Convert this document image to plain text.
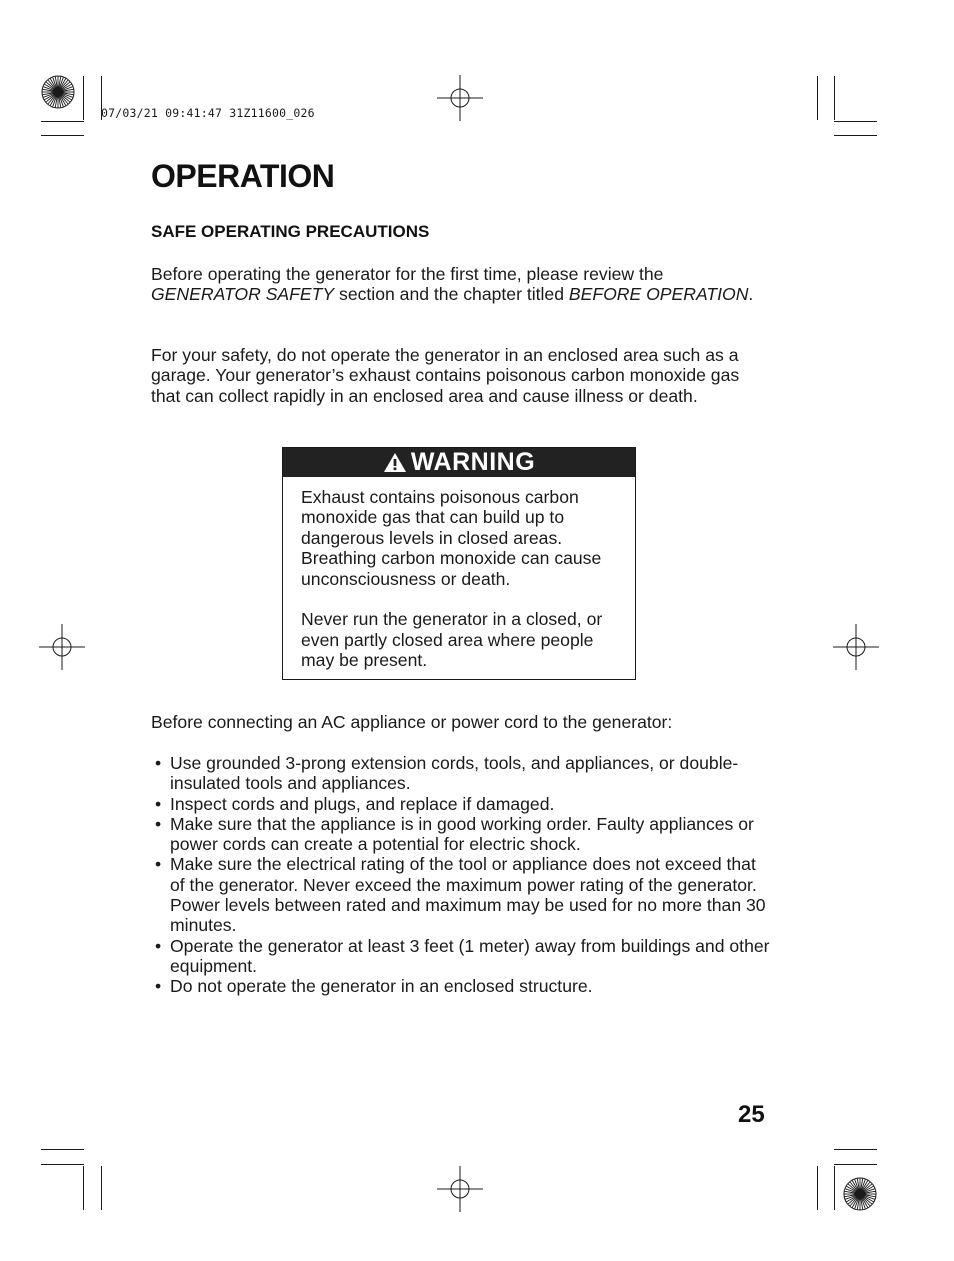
07/03/21 09:41:47 31Z11600_026
OPERATION
SAFE OPERATING PRECAUTIONS

Before operating the generator for the first time, please review the GENERATOR SAFETY section and the chapter titled BEFORE OPERATION.

For your safety, do not operate the generator in an enclosed area such as a garage. Your generator’s exhaust contains poisonous carbon monoxide gas that can collect rapidly in an enclosed area and cause illness or death.

WARNING

Exhaust contains poisonous carbon monoxide gas that can build up to dangerous levels in closed areas. Breathing carbon monoxide can cause unconsciousness or death.

Never run the generator in a closed, or even partly closed area where people may be present.

Before connecting an AC appliance or power cord to the generator:

• Use grounded 3-prong extension cords, tools, and appliances, or double-insulated tools and appliances.
• Inspect cords and plugs, and replace if damaged.
• Make sure that the appliance is in good working order. Faulty appliances or power cords can create a potential for electric shock.
• Make sure the electrical rating of the tool or appliance does not exceed that of the generator. Never exceed the maximum power rating of the generator. Power levels between rated and maximum may be used for no more than 30 minutes.
• Operate the generator at least 3 feet (1 meter) away from buildings and other equipment.
• Do not operate the generator in an enclosed structure.
25
